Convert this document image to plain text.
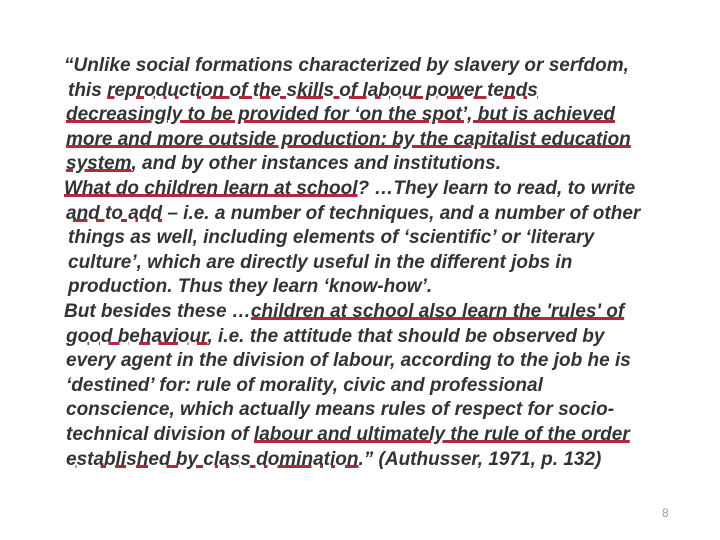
“Unlike social formations characterized by slavery or serfdom,
this reproduction of the skills of labour power tends
decreasingly to be provided for ‘on the spot’, but is achieved
more and more outside production: by the capitalist education
system, and by other instances and institutions.
What do children learn at school? …They learn to read, to write
and to add – i.e. a number of techniques, and a number of other
things as well, including elements of ‘scientific’ or ‘literary
culture’, which are directly useful in the different jobs in
production. Thus they learn ‘know-how’.
But besides these …children at school also learn the 'rules' of
good behaviour, i.e. the attitude that should be observed by
every agent in the division of labour, according to the job he is
‘destined’ for: rule of morality, civic and professional
conscience, which actually means rules of respect for socio-
technical division of labour and ultimately the rule of the order
established by class domination.” (Authusser, 1971, p. 132)
8
